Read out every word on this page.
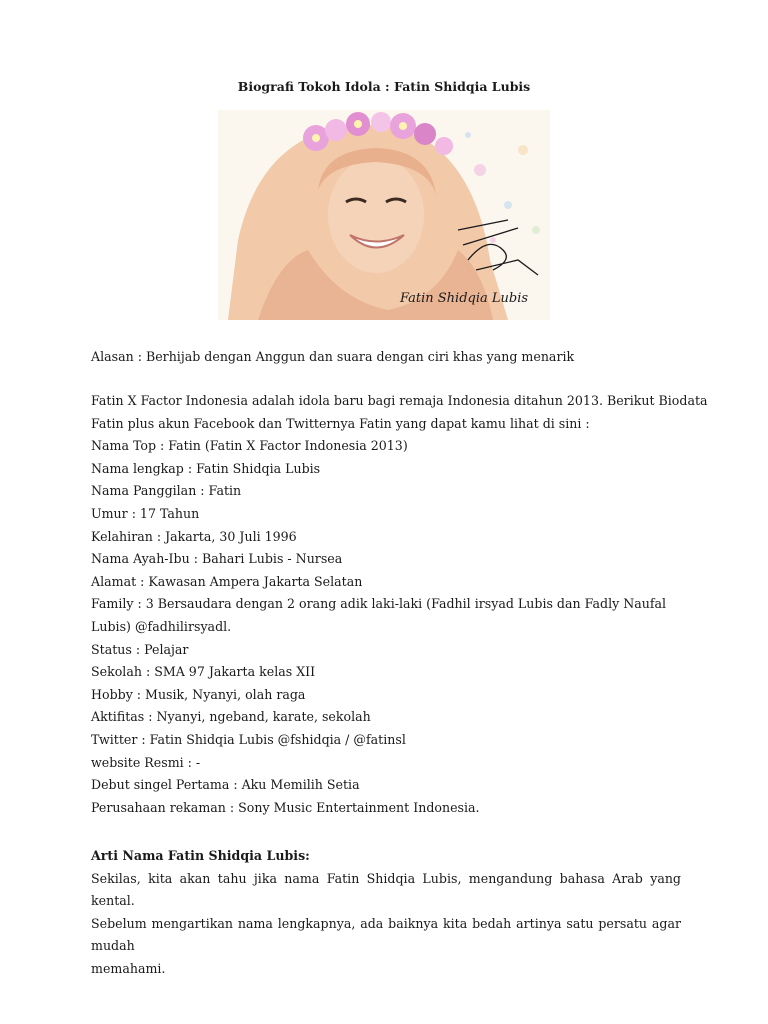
Biografi Tokoh Idola : Fatin Shidqia Lubis
Fatin Shidqia Lubis
Alasan : Berhijab dengan Anggun dan suara dengan ciri khas yang menarik
Fatin X Factor Indonesia adalah idola baru bagi remaja Indonesia ditahun 2013. Berikut Biodata
Fatin plus akun Facebook dan Twitternya Fatin yang dapat kamu lihat di sini :
Nama Top : Fatin (Fatin X Factor Indonesia 2013)
Nama lengkap : Fatin Shidqia Lubis
Nama Panggilan : Fatin
Umur : 17 Tahun
Kelahiran : Jakarta, 30 Juli 1996
Nama Ayah-Ibu : Bahari Lubis - Nursea
Alamat : Kawasan Ampera Jakarta Selatan
Family : 3 Bersaudara dengan 2 orang adik laki-laki (Fadhil irsyad Lubis dan Fadly Naufal
Lubis) @fadhilirsyadl.
Status : Pelajar
Sekolah : SMA 97 Jakarta kelas XII
Hobby : Musik, Nyanyi, olah raga
Aktifitas : Nyanyi, ngeband, karate, sekolah
Twitter : Fatin Shidqia Lubis @fshidqia / @fatinsl
website Resmi : -
Debut singel Pertama : Aku Memilih Setia
Perusahaan rekaman : Sony Music Entertainment Indonesia.
Arti Nama Fatin Shidqia Lubis:
Sekilas, kita akan tahu jika nama Fatin Shidqia Lubis, mengandung bahasa Arab yang kental.
Sebelum mengartikan nama lengkapnya, ada baiknya kita bedah artinya satu persatu agar mudah
memahami.
